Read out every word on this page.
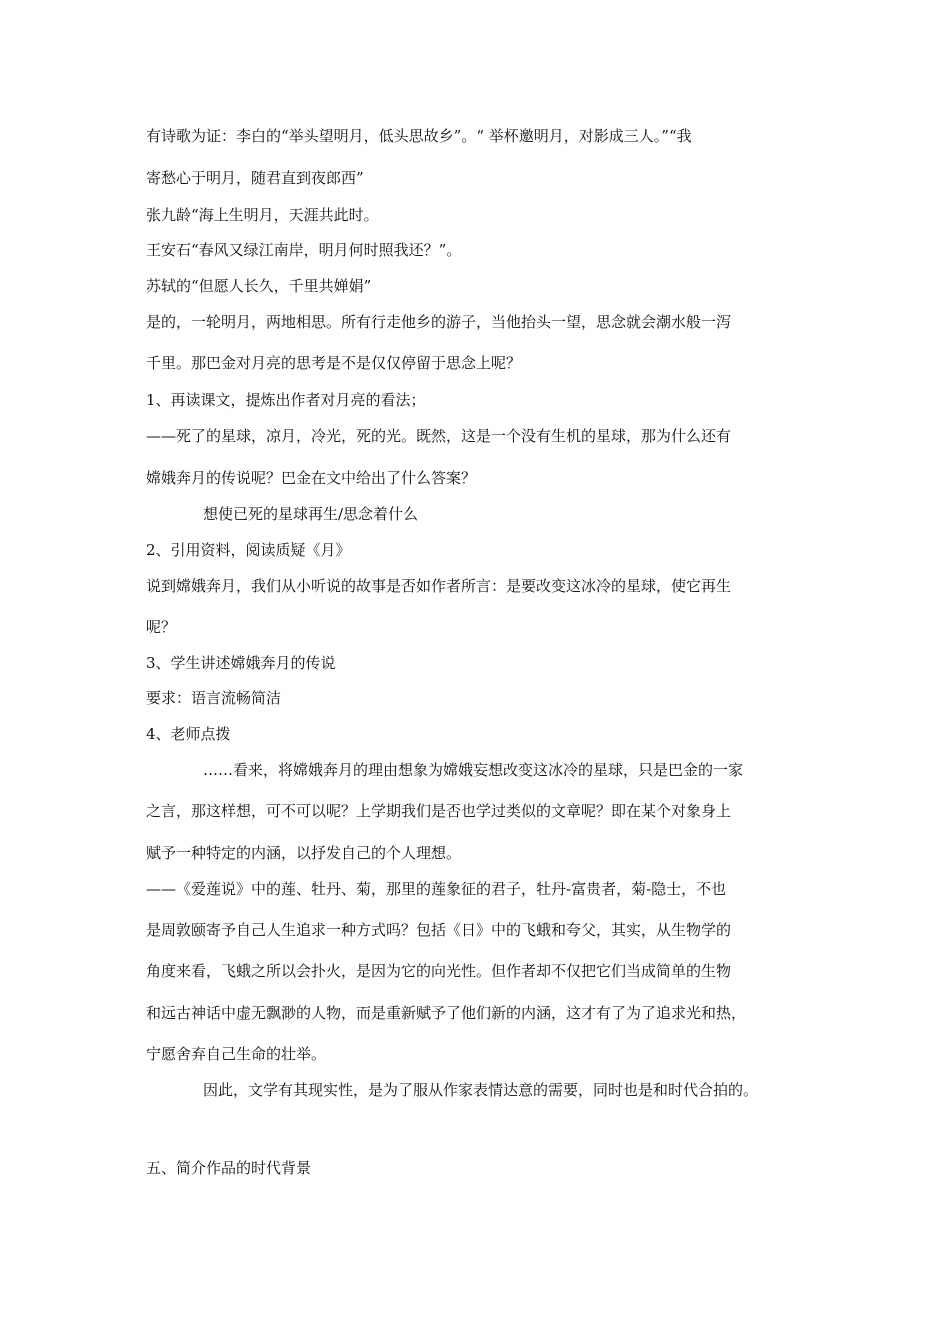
有诗歌为证：李白的“举头望明月，低头思故乡”。“ 举杯邀明月，对影成三人。”“我

寄愁心于明月，随君直到夜郎西”

张九龄“海上生明月，天涯共此时。

王安石“春风又绿江南岸，明月何时照我还？”。

苏轼的“但愿人长久，千里共婵娟”

是的，一轮明月，两地相思。所有行走他乡的游子，当他抬头一望，思念就会潮水般一泻

千里。那巴金对月亮的思考是不是仅仅停留于思念上呢？

1、再读课文，提炼出作者对月亮的看法；

——死了的星球，凉月，冷光，死的光。既然，这是一个没有生机的星球，那为什么还有

嫦娥奔月的传说呢？巴金在文中给出了什么答案？

想使已死的星球再生/思念着什么

2、引用资料，阅读质疑《月》

说到嫦娥奔月，我们从小听说的故事是否如作者所言：是要改变这冰冷的星球，使它再生

呢？

3、学生讲述嫦娥奔月的传说

要求：语言流畅简洁

4、老师点拨

……看来，将嫦娥奔月的理由想象为嫦娥妄想改变这冰冷的星球，只是巴金的一家

之言，那这样想，可不可以呢？上学期我们是否也学过类似的文章呢？即在某个对象身上

赋予一种特定的内涵，以抒发自己的个人理想。

——《爱莲说》中的莲、牡丹、菊，那里的莲象征的君子，牡丹-富贵者，菊-隐士，不也

是周敦颐寄予自己人生追求一种方式吗？包括《日》中的飞蛾和夸父，其实，从生物学的

角度来看，飞蛾之所以会扑火，是因为它的向光性。但作者却不仅把它们当成简单的生物

和远古神话中虚无飘渺的人物，而是重新赋予了他们新的内涵，这才有了为了追求光和热，

宁愿舍弃自己生命的壮举。

因此，文学有其现实性，是为了服从作家表情达意的需要，同时也是和时代合拍的。

五、简介作品的时代背景
